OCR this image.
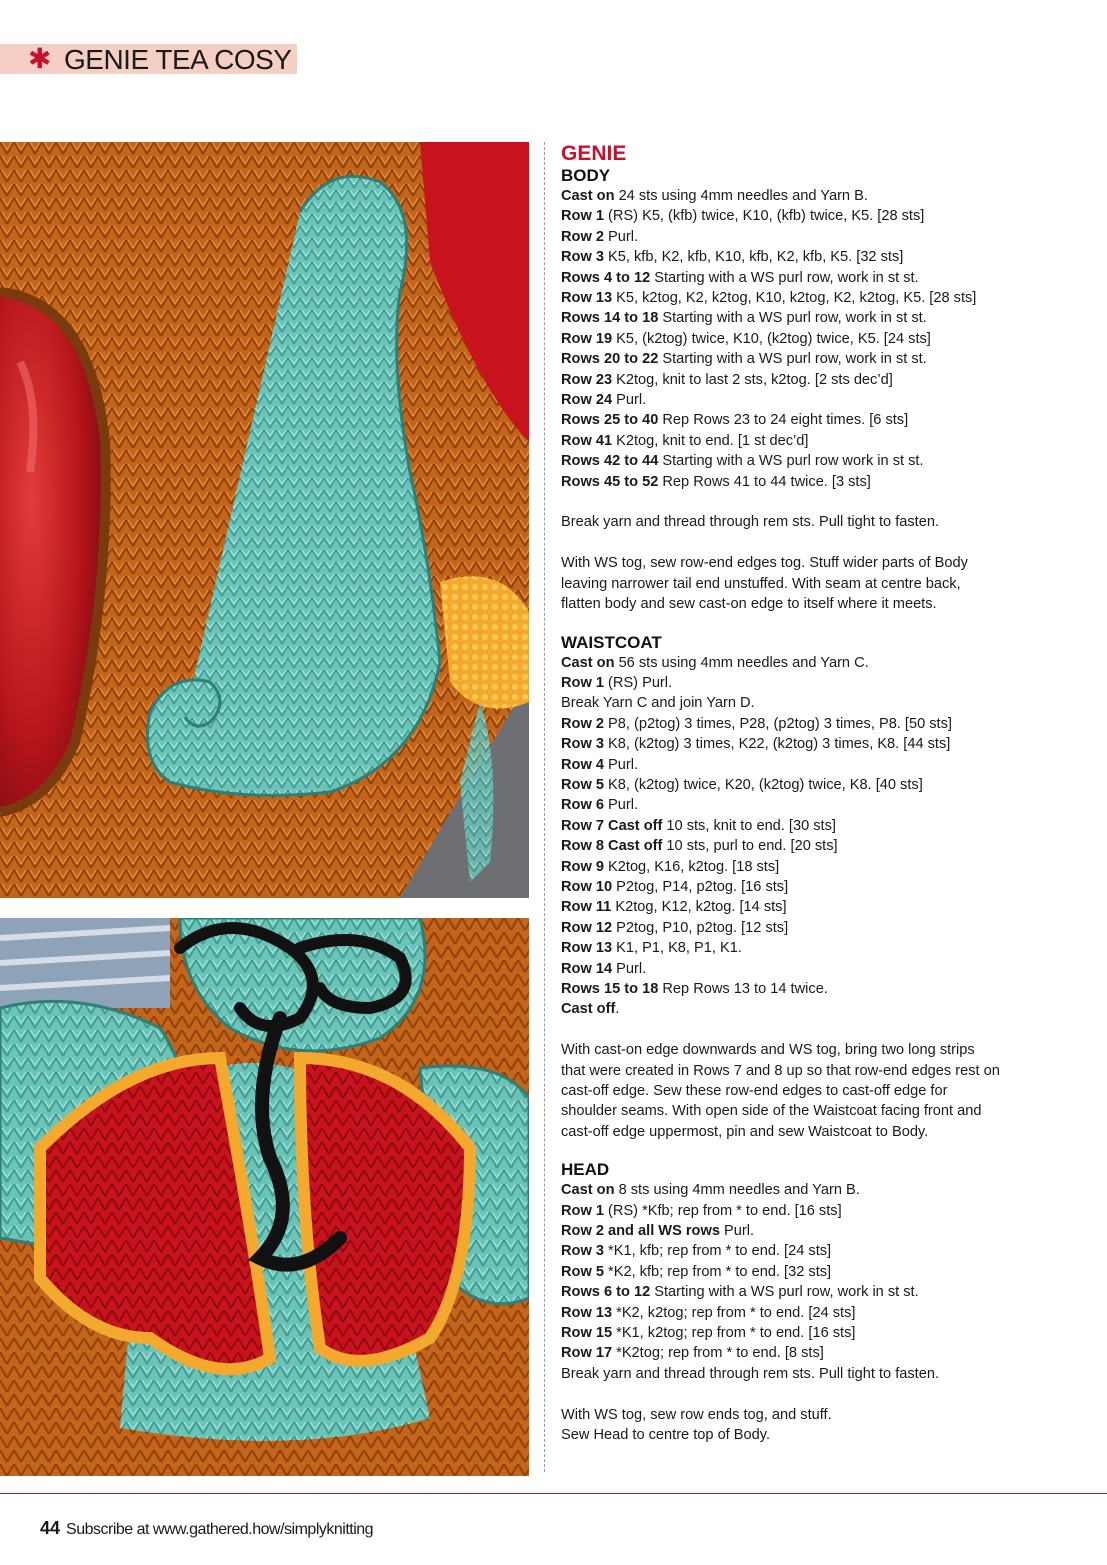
✱ GENIE TEA COSY
GENIE
BODY

Cast on 24 sts using 4mm needles and Yarn B.

Row 1 (RS) K5, (kfb) twice, K10, (kfb) twice, K5. [28 sts]

Row 2 Purl.

Row 3 K5, kfb, K2, kfb, K10, kfb, K2, kfb, K5. [32 sts]

Rows 4 to 12 Starting with a WS purl row, work in st st.

Row 13 K5, k2tog, K2, k2tog, K10, k2tog, K2, k2tog, K5. [28 sts]

Rows 14 to 18 Starting with a WS purl row, work in st st.

Row 19 K5, (k2tog) twice, K10, (k2tog) twice, K5. [24 sts]

Rows 20 to 22 Starting with a WS purl row, work in st st.

Row 23 K2tog, knit to last 2 sts, k2tog. [2 sts dec’d]

Row 24 Purl.

Rows 25 to 40 Rep Rows 23 to 24 eight times. [6 sts]

Row 41 K2tog, knit to end. [1 st dec’d]

Rows 42 to 44 Starting with a WS purl row work in st st.

Rows 45 to 52 Rep Rows 41 to 44 twice. [3 sts]

Break yarn and thread through rem sts. Pull tight to fasten.

With WS tog, sew row-end edges tog. Stuff wider parts of Body

leaving narrower tail end unstuffed. With seam at centre back,

flatten body and sew cast-on edge to itself where it meets.

WAISTCOAT

Cast on 56 sts using 4mm needles and Yarn C.

Row 1 (RS) Purl.

Break Yarn C and join Yarn D.

Row 2 P8, (p2tog) 3 times, P28, (p2tog) 3 times, P8. [50 sts]

Row 3 K8, (k2tog) 3 times, K22, (k2tog) 3 times, K8. [44 sts]

Row 4 Purl.

Row 5 K8, (k2tog) twice, K20, (k2tog) twice, K8. [40 sts]

Row 6 Purl.

Row 7 Cast off 10 sts, knit to end. [30 sts]

Row 8 Cast off 10 sts, purl to end. [20 sts]

Row 9 K2tog, K16, k2tog. [18 sts]

Row 10 P2tog, P14, p2tog. [16 sts]

Row 11 K2tog, K12, k2tog. [14 sts]

Row 12 P2tog, P10, p2tog. [12 sts]

Row 13 K1, P1, K8, P1, K1.

Row 14 Purl.

Rows 15 to 18 Rep Rows 13 to 14 twice.

Cast off.

With cast-on edge downwards and WS tog, bring two long strips

that were created in Rows 7 and 8 up so that row-end edges rest on

cast-off edge. Sew these row-end edges to cast-off edge for

shoulder seams. With open side of the Waistcoat facing front and

cast-off edge uppermost, pin and sew Waistcoat to Body.

HEAD

Cast on 8 sts using 4mm needles and Yarn B.

Row 1 (RS) *Kfb; rep from * to end. [16 sts]

Row 2 and all WS rows Purl.

Row 3 *K1, kfb; rep from * to end. [24 sts]

Row 5 *K2, kfb; rep from * to end. [32 sts]

Rows 6 to 12 Starting with a WS purl row, work in st st.

Row 13 *K2, k2tog; rep from * to end. [24 sts]

Row 15 *K1, k2tog; rep from * to end. [16 sts]

Row 17 *K2tog; rep from * to end. [8 sts]

Break yarn and thread through rem sts. Pull tight to fasten.

With WS tog, sew row ends tog, and stuff.

Sew Head to centre top of Body.

44 Subscribe at www.gathered.how/simplyknitting
